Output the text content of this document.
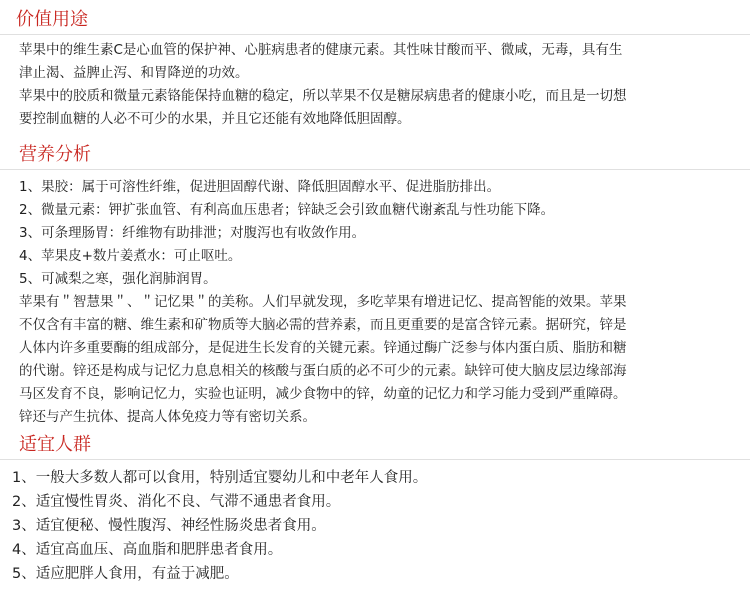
价值用途

苹果中的维生素C是心血管的保护神、心脏病患者的健康元素。其性味甘酸而平、微咸，无毒，具有生

津止渴、益脾止泻、和胃降逆的功效。

苹果中的胶质和微量元素铬能保持血糖的稳定，所以苹果不仅是糖尿病患者的健康小吃，而且是一切想

要控制血糖的人必不可少的水果，并且它还能有效地降低胆固醇。

营养分析
1、果胶：属于可溶性纤维，促进胆固醇代谢、降低胆固醇水平、促进脂肪排出。
2、微量元素：钾扩张血管、有利高血压患者；锌缺乏会引致血糖代谢紊乱与性功能下降。
3、可条理肠胃：纤维物有助排泄；对腹泻也有收敛作用。
4、苹果皮+数片姜煮水：可止呕吐。
5、可减梨之寒，强化润肺润胃。

苹果有＂智慧果＂、＂记忆果＂的美称。人们早就发现，多吃苹果有增进记忆、提高智能的效果。苹果

不仅含有丰富的糖、维生素和矿物质等大脑必需的营养素，而且更重要的是富含锌元素。据研究，锌是

人体内许多重要酶的组成部分，是促进生长发育的关键元素。锌通过酶广泛参与体内蛋白质、脂肪和糖

的代谢。锌还是构成与记忆力息息相关的核酸与蛋白质的必不可少的元素。缺锌可使大脑皮层边缘部海

马区发育不良，影响记忆力，实验也证明，减少食物中的锌，幼童的记忆力和学习能力受到严重障碍。

锌还与产生抗体、提高人体免疫力等有密切关系。

适宜人群
1、一般大多数人都可以食用，特别适宜婴幼儿和中老年人食用。
2、适宜慢性胃炎、消化不良、气滞不通患者食用。
3、适宜便秘、慢性腹泻、神经性肠炎患者食用。
4、适宜高血压、高血脂和肥胖患者食用。
5、适应肥胖人食用，有益于减肥。
